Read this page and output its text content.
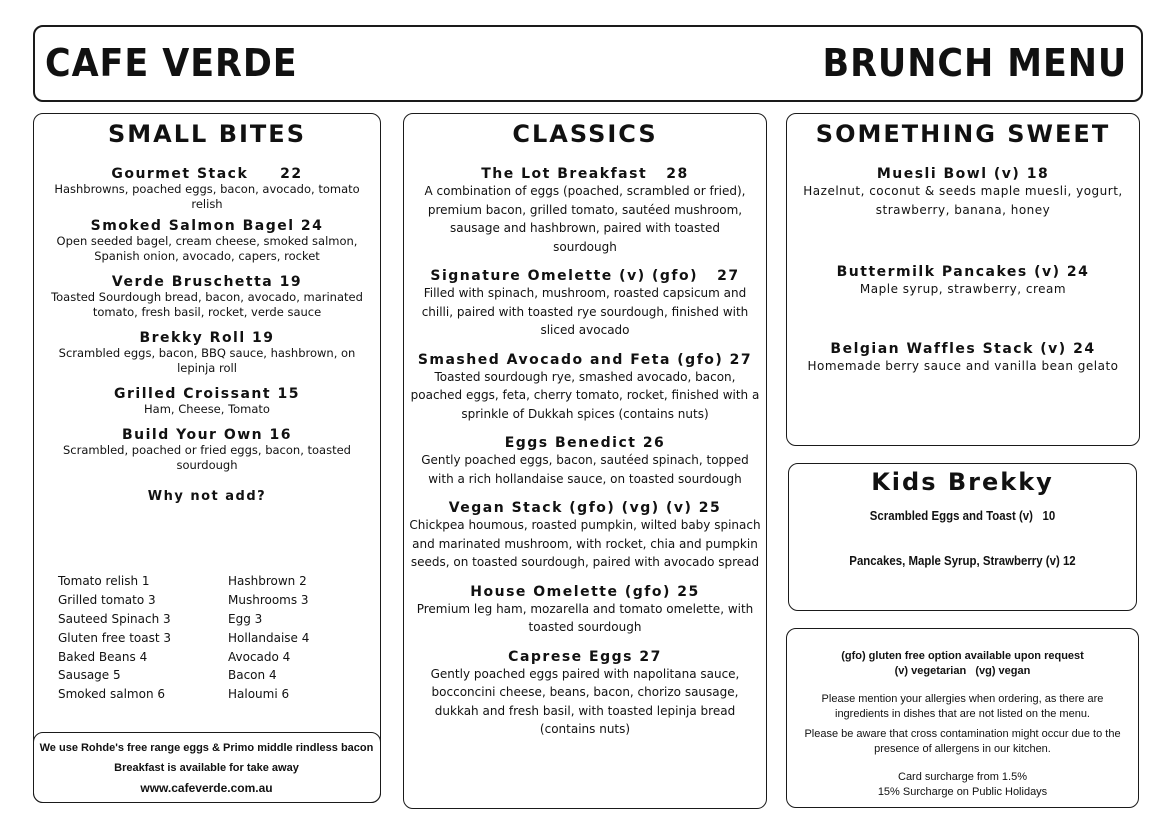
CAFE VERDE	BRUNCH MENU
SMALL BITES
Gourmet Stack     22
Hashbrowns, poached eggs, bacon, avocado, tomato relish
Smoked Salmon Bagel 24
Open seeded bagel, cream cheese, smoked salmon, Spanish onion, avocado, capers, rocket
Verde Bruschetta 19
Toasted Sourdough bread, bacon, avocado, marinated tomato, fresh basil, rocket, verde sauce
Brekky Roll 19
Scrambled eggs, bacon, BBQ sauce, hashbrown, on lepinja roll
Grilled Croissant 15
Ham, Cheese, Tomato
Build Your Own 16
Scrambled, poached or fried eggs, bacon, toasted sourdough
Why not add?
Tomato relish 1	Hashbrown 2
Grilled tomato 3	Mushrooms 3
Sauteed Spinach 3	Egg 3
Gluten free toast 3	Hollandaise 4
Baked Beans 4	Avocado 4
Sausage 5	Bacon 4
Smoked salmon 6	Haloumi 6
We use Rohde's free range eggs & Primo middle rindless bacon
Breakfast is available for take away
www.cafeverde.com.au
CLASSICS
The Lot Breakfast   28
A combination of eggs (poached, scrambled or fried), premium bacon, grilled tomato, sautéed mushroom, sausage and hashbrown, paired with toasted sourdough
Signature Omelette (v) (gfo)   27
Filled with spinach, mushroom, roasted capsicum and chilli, paired with toasted rye sourdough, finished with sliced avocado
Smashed Avocado and Feta (gfo) 27
Toasted sourdough rye, smashed avocado, bacon, poached eggs, feta, cherry tomato, rocket, finished with a sprinkle of Dukkah spices (contains nuts)
Eggs Benedict 26
Gently poached eggs, bacon, sautéed spinach, topped with a rich hollandaise sauce, on toasted sourdough
Vegan Stack (gfo) (vg) (v) 25
Chickpea houmous, roasted pumpkin, wilted baby spinach and marinated mushroom, with rocket, chia and pumpkin seeds, on toasted sourdough, paired with avocado spread
House Omelette (gfo) 25
Premium leg ham, mozarella and tomato omelette, with toasted sourdough
Caprese Eggs 27
Gently poached eggs paired with napolitana sauce, bocconcini cheese, beans, bacon, chorizo sausage, dukkah and fresh basil, with toasted lepinja bread (contains nuts)
SOMETHING SWEET
Muesli Bowl (v) 18
Hazelnut, coconut & seeds maple muesli, yogurt, strawberry, banana, honey
Buttermilk Pancakes (v) 24
Maple syrup, strawberry, cream
Belgian Waffles Stack (v) 24
Homemade berry sauce and vanilla bean gelato
Kids Brekky
Scrambled Eggs and Toast (v)   10
Pancakes, Maple Syrup, Strawberry (v) 12
(gfo) gluten free option available upon request
(v) vegetarian   (vg) vegan
Please mention your allergies when ordering, as there are ingredients in dishes that are not listed on the menu.
Please be aware that cross contamination might occur due to the presence of allergens in our kitchen.
Card surcharge from 1.5%
15% Surcharge on Public Holidays
